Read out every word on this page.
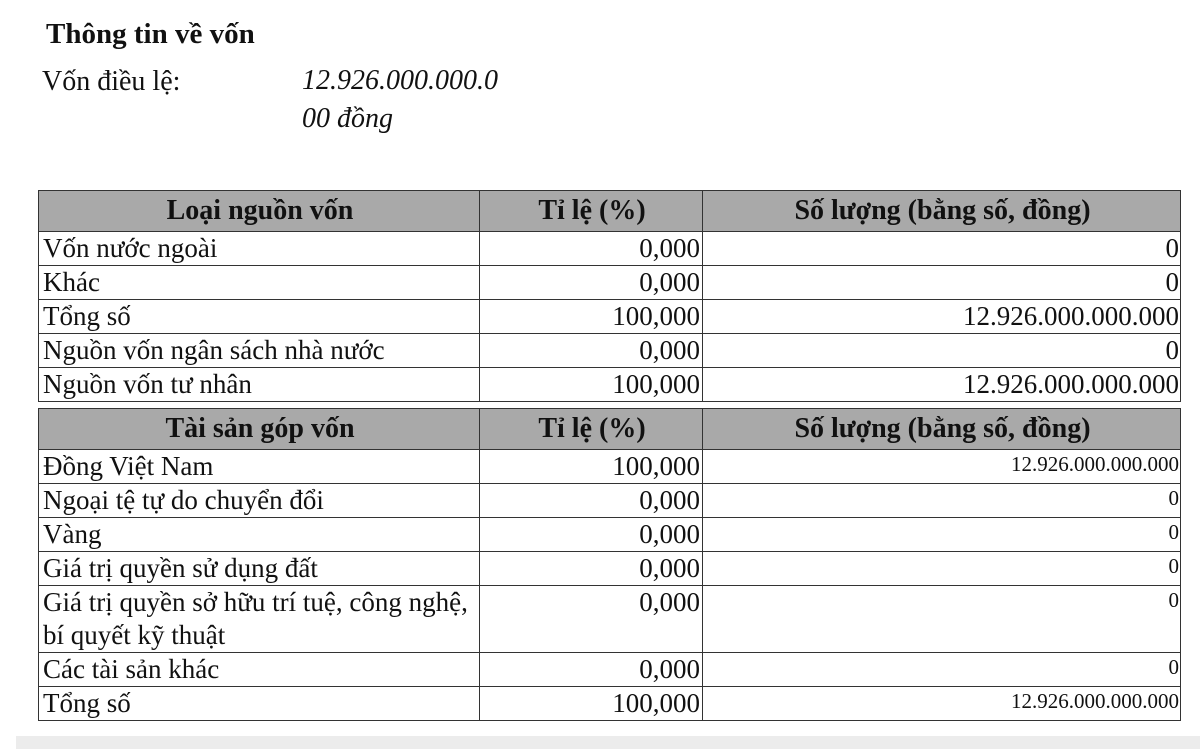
Thông tin về vốn
Vốn điều lệ:	12.926.000.000.0
00 đồng
Loại nguồn vốn	Tỉ lệ (%)	Số lượng (bằng số, đồng)
Vốn nước ngoài	0,000	0
Khác	0,000	0
Tổng số	100,000	12.926.000.000.000
Nguồn vốn ngân sách nhà nước	0,000	0
Nguồn vốn tư nhân	100,000	12.926.000.000.000
Tài sản góp vốn	Tỉ lệ (%)	Số lượng (bằng số, đồng)
Đồng Việt Nam	100,000	12.926.000.000.000
Ngoại tệ tự do chuyển đổi	0,000	0
Vàng	0,000	0
Giá trị quyền sử dụng đất	0,000	0
Giá trị quyền sở hữu trí tuệ, công nghệ, bí quyết kỹ thuật	0,000	0
Các tài sản khác	0,000	0
Tổng số	100,000	12.926.000.000.000
